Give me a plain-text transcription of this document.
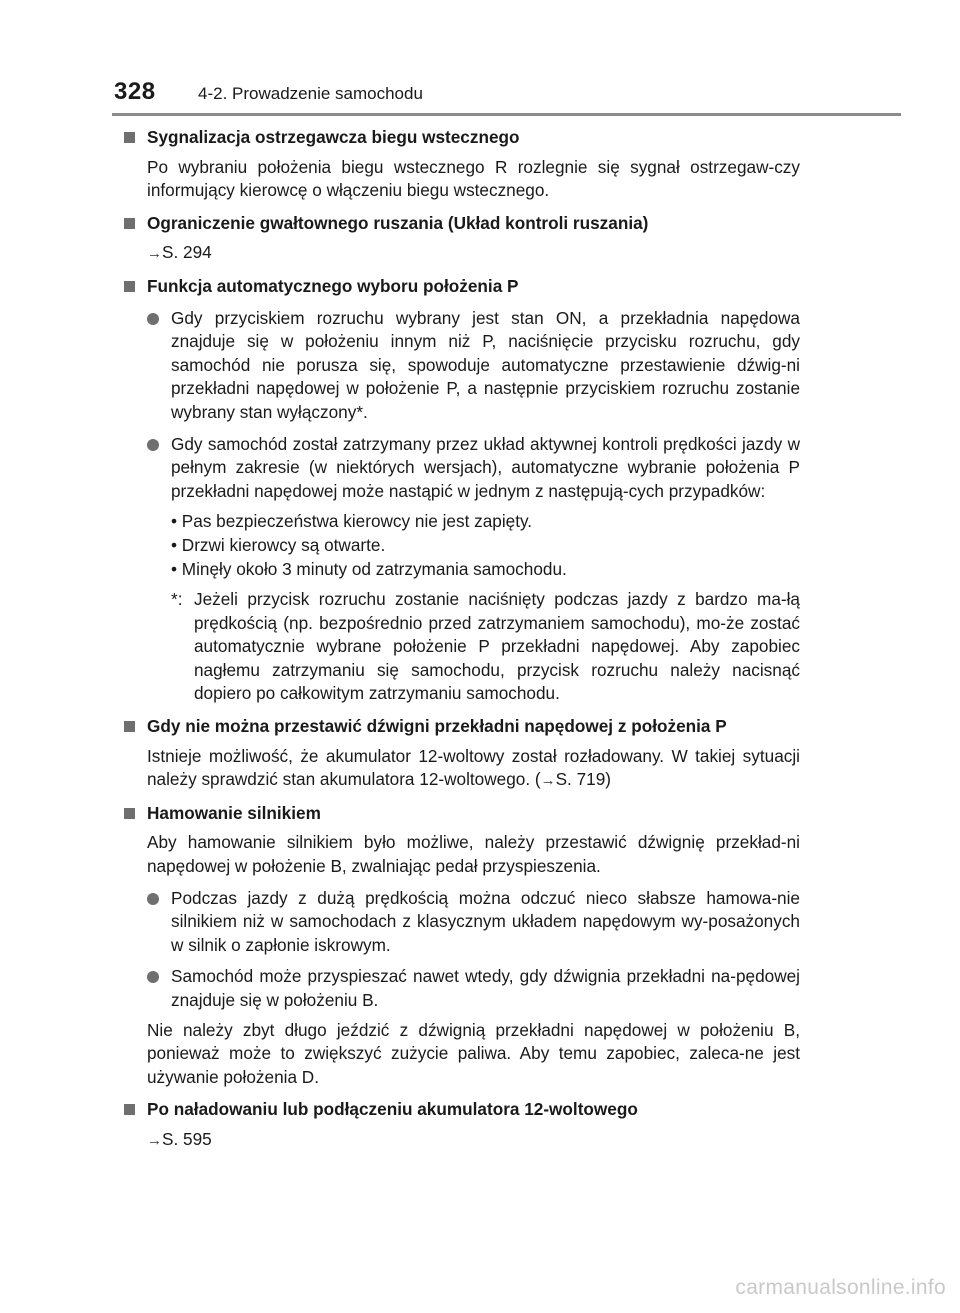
328 4-2. Prowadzenie samochodu
Sygnalizacja ostrzegawcza biegu wstecznego
Po wybraniu położenia biegu wstecznego R rozlegnie się sygnał ostrzegaw-czy informujący kierowcę o włączeniu biegu wstecznego.
Ograniczenie gwałtownego ruszania (Układ kontroli ruszania)
→S. 294
Funkcja automatycznego wyboru położenia P
Gdy przyciskiem rozruchu wybrany jest stan ON, a przekładnia napędowa znajduje się w położeniu innym niż P, naciśnięcie przycisku rozruchu, gdy samochód nie porusza się, spowoduje automatyczne przestawienie dźwig-ni przekładni napędowej w położenie P, a następnie przyciskiem rozruchu zostanie wybrany stan wyłączony*.
Gdy samochód został zatrzymany przez układ aktywnej kontroli prędkości jazdy w pełnym zakresie (w niektórych wersjach), automatyczne wybranie położenia P przekładni napędowej może nastąpić w jednym z następują-cych przypadków:
• Pas bezpieczeństwa kierowcy nie jest zapięty.
• Drzwi kierowcy są otwarte.
• Minęły około 3 minuty od zatrzymania samochodu.
*: Jeżeli przycisk rozruchu zostanie naciśnięty podczas jazdy z bardzo ma-łą prędkością (np. bezpośrednio przed zatrzymaniem samochodu), mo-że zostać automatycznie wybrane położenie P przekładni napędowej. Aby zapobiec nagłemu zatrzymaniu się samochodu, przycisk rozruchu należy nacisnąć dopiero po całkowitym zatrzymaniu samochodu.
Gdy nie można przestawić dźwigni przekładni napędowej z położenia P
Istnieje możliwość, że akumulator 12-woltowy został rozładowany. W takiej sytuacji należy sprawdzić stan akumulatora 12-woltowego. (→S. 719)
Hamowanie silnikiem
Aby hamowanie silnikiem było możliwe, należy przestawić dźwignię przekład-ni napędowej w położenie B, zwalniając pedał przyspieszenia.
Podczas jazdy z dużą prędkością można odczuć nieco słabsze hamowa-nie silnikiem niż w samochodach z klasycznym układem napędowym wy-posażonych w silnik o zapłonie iskrowym.
Samochód może przyspieszać nawet wtedy, gdy dźwignia przekładni na-pędowej znajduje się w położeniu B.
Nie należy zbyt długo jeździć z dźwignią przekładni napędowej w położeniu B, ponieważ może to zwiększyć zużycie paliwa. Aby temu zapobiec, zaleca-ne jest używanie położenia D.
Po naładowaniu lub podłączeniu akumulatora 12-woltowego
→S. 595
carmanualsonline.info
